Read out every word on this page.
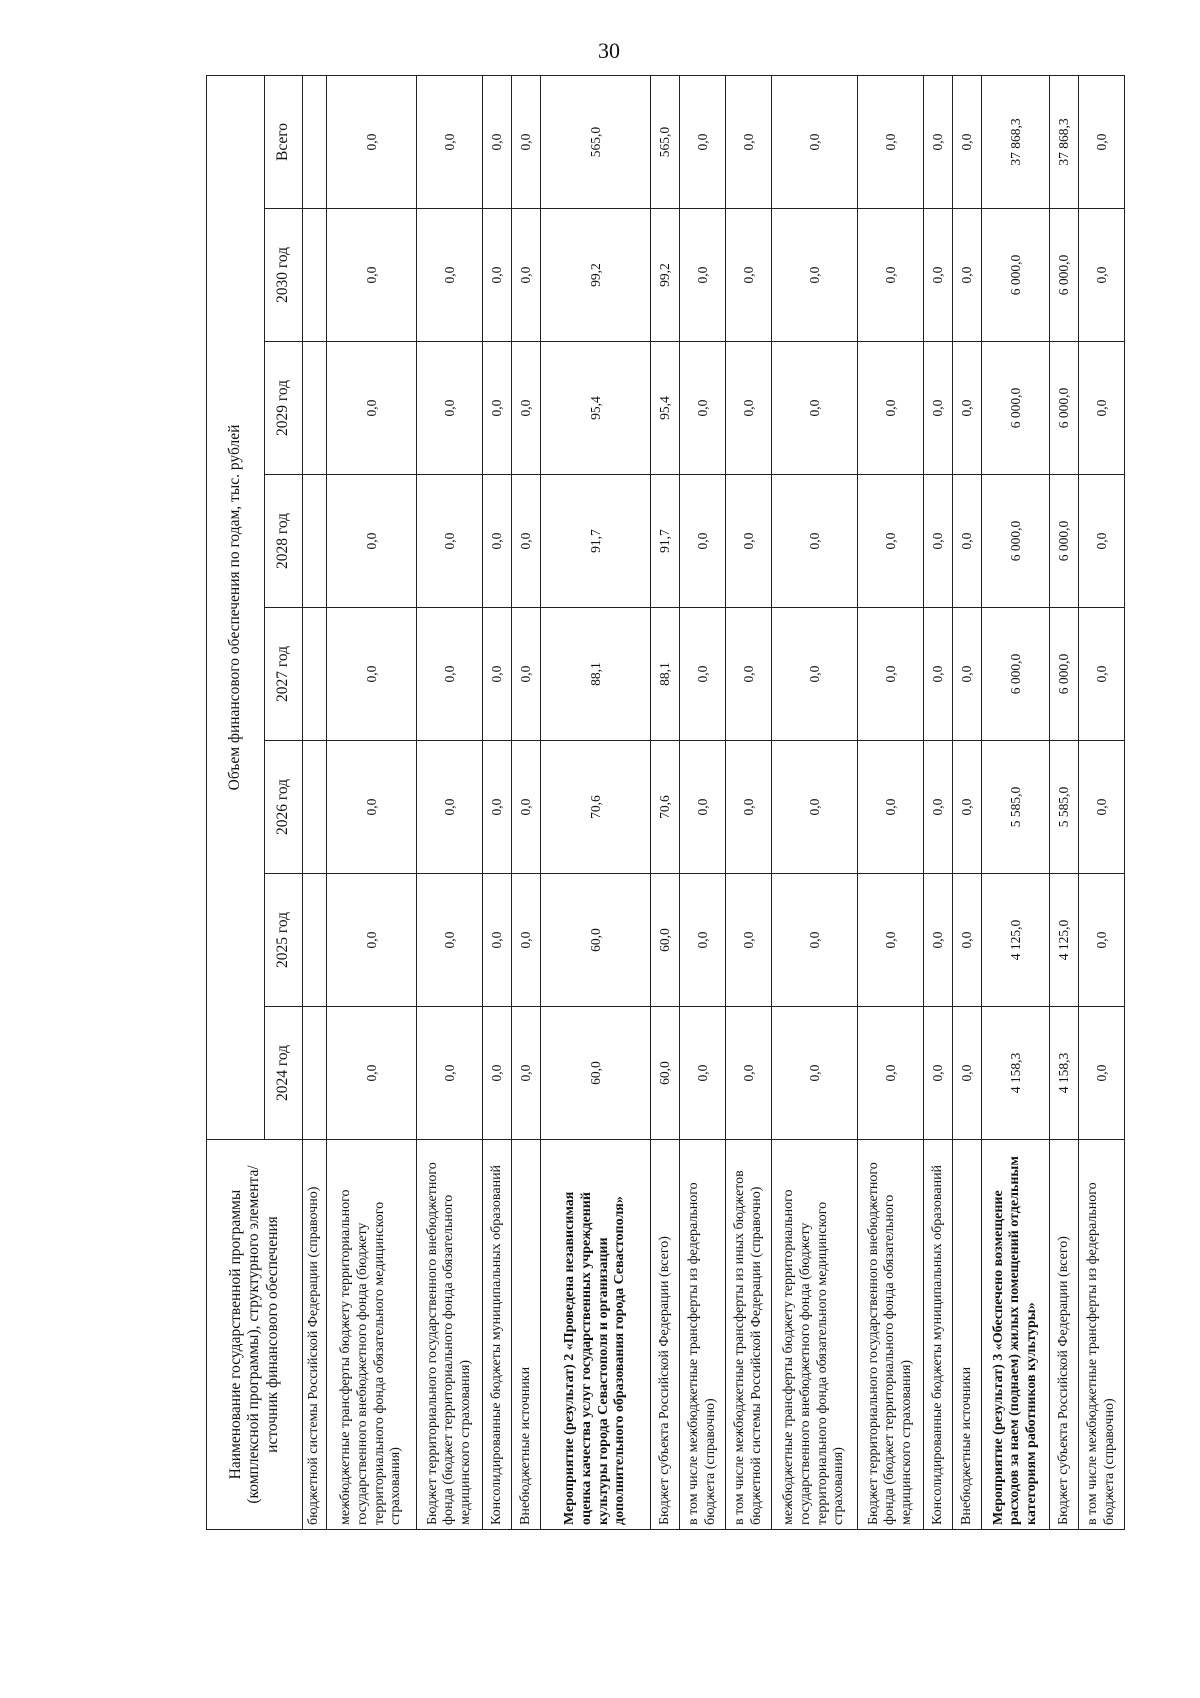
30
Наименование государственной программы (комплексной программы), структурного элемента/источник финансового обеспечения	Объем финансового обеспечения по годам, тыс. рублей							
	2024 год	2025 год	2026 год	2027 год	2028 год	2029 год	2030 год	Всего
бюджетной системы Российской Федерации (справочно)								
межбюджетные трансферты бюджету территориального государственного внебюджетного фонда (бюджету территориального фонда обязательного медицинского страхования)	0,0	0,0	0,0	0,0	0,0	0,0	0,0	0,0
Бюджет территориального государственного внебюджетного фонда (бюджет территориального фонда обязательного медицинского страхования)	0,0	0,0	0,0	0,0	0,0	0,0	0,0	0,0
Консолидированные бюджеты муниципальных образований	0,0	0,0	0,0	0,0	0,0	0,0	0,0	0,0
Внебюджетные источники	0,0	0,0	0,0	0,0	0,0	0,0	0,0	0,0
Мероприятие (результат) 2 «Проведена независимая оценка качества услуг государственных учреждений культуры города Севастополя и организации дополнительного образования города Севастополя»	60,0	60,0	70,6	88,1	91,7	95,4	99,2	565,0
Бюджет субъекта Российской Федерации (всего)	60,0	60,0	70,6	88,1	91,7	95,4	99,2	565,0
в том числе межбюджетные трансферты из федерального бюджета (справочно)	0,0	0,0	0,0	0,0	0,0	0,0	0,0	0,0
в том числе межбюджетные трансферты из иных бюджетов бюджетной системы Российской Федерации (справочно)	0,0	0,0	0,0	0,0	0,0	0,0	0,0	0,0
межбюджетные трансферты бюджету территориального государственного внебюджетного фонда (бюджету территориального фонда обязательного медицинского страхования)	0,0	0,0	0,0	0,0	0,0	0,0	0,0	0,0
Бюджет территориального государственного внебюджетного фонда (бюджет территориального фонда обязательного медицинского страхования)	0,0	0,0	0,0	0,0	0,0	0,0	0,0	0,0
Консолидированные бюджеты муниципальных образований	0,0	0,0	0,0	0,0	0,0	0,0	0,0	0,0
Внебюджетные источники	0,0	0,0	0,0	0,0	0,0	0,0	0,0	0,0
Мероприятие (результат) 3 «Обеспечено возмещение расходов за наем (поднаем) жилых помещений отдельным категориям работников культуры»	4 158,3	4 125,0	5 585,0	6 000,0	6 000,0	6 000,0	6 000,0	37 868,3
Бюджет субъекта Российской Федерации (всего)	4 158,3	4 125,0	5 585,0	6 000,0	6 000,0	6 000,0	6 000,0	37 868,3
в том числе межбюджетные трансферты из федерального бюджета (справочно)	0,0	0,0	0,0	0,0	0,0	0,0	0,0	0,0
